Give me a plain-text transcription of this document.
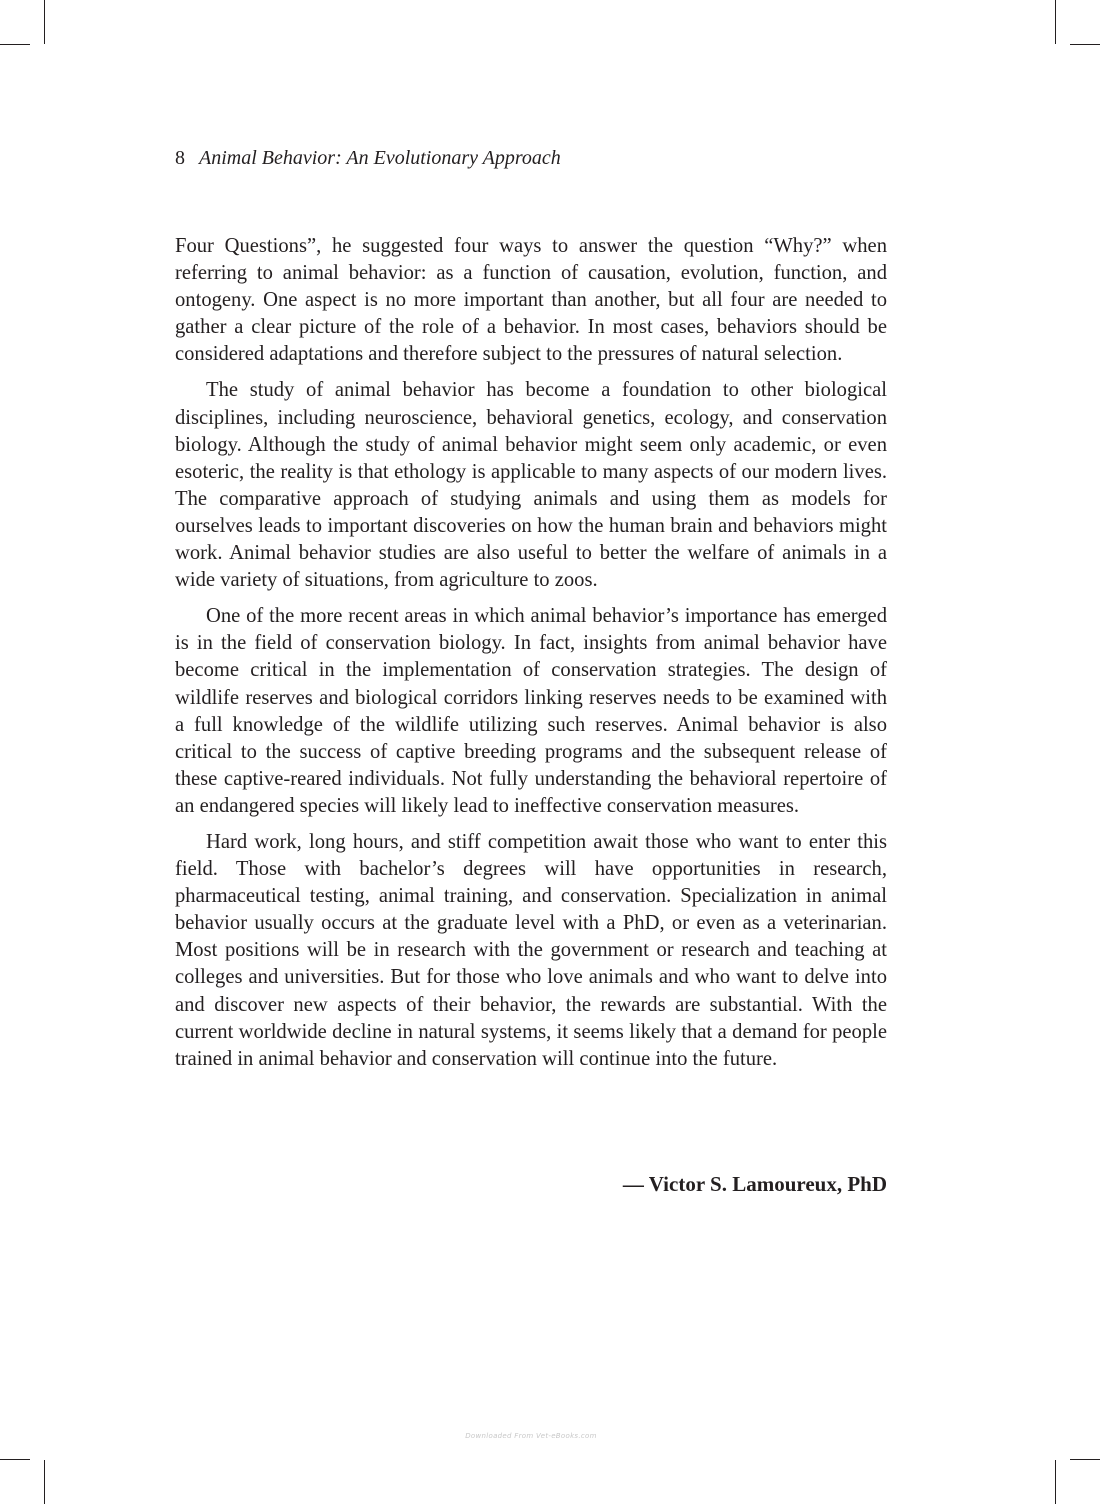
8 Animal Behavior: An Evolutionary Approach

Four Questions”, he suggested four ways to answer the question “Why?” when referring to animal behavior: as a function of causation, evolution, function, and ontogeny. One aspect is no more important than another, but all four are needed to gather a clear picture of the role of a behavior. In most cases, behaviors should be considered adaptations and therefore subject to the pressures of natural selection.

The study of animal behavior has become a foundation to other biological disciplines, including neuroscience, behavioral genetics, ecology, and conservation biology. Although the study of animal behavior might seem only academic, or even esoteric, the reality is that ethology is applicable to many aspects of our modern lives. The comparative approach of studying animals and using them as models for ourselves leads to important discoveries on how the human brain and behaviors might work. Animal behavior studies are also useful to better the welfare of animals in a wide variety of situations, from agriculture to zoos.

One of the more recent areas in which animal behavior’s importance has emerged is in the field of conservation biology. In fact, insights from animal behavior have become critical in the implementation of conservation strategies. The design of wildlife reserves and biological corridors linking reserves needs to be examined with a full knowledge of the wildlife utilizing such reserves. Animal behavior is also critical to the success of captive breeding programs and the subsequent release of these captive-reared individuals. Not fully understanding the behavioral repertoire of an endangered species will likely lead to ineffective conservation measures.

Hard work, long hours, and stiff competition await those who want to enter this field. Those with bachelor’s degrees will have opportunities in research, pharmaceutical testing, animal training, and conservation. Specialization in animal behavior usually occurs at the graduate level with a PhD, or even as a veterinarian. Most positions will be in research with the government or research and teaching at colleges and universities. But for those who love animals and who want to delve into and discover new aspects of their behavior, the rewards are substantial. With the current worldwide decline in natural systems, it seems likely that a demand for people trained in animal behavior and conservation will continue into the future.

— Victor S. Lamoureux, PhD
Downloaded From Vet-eBooks.com
